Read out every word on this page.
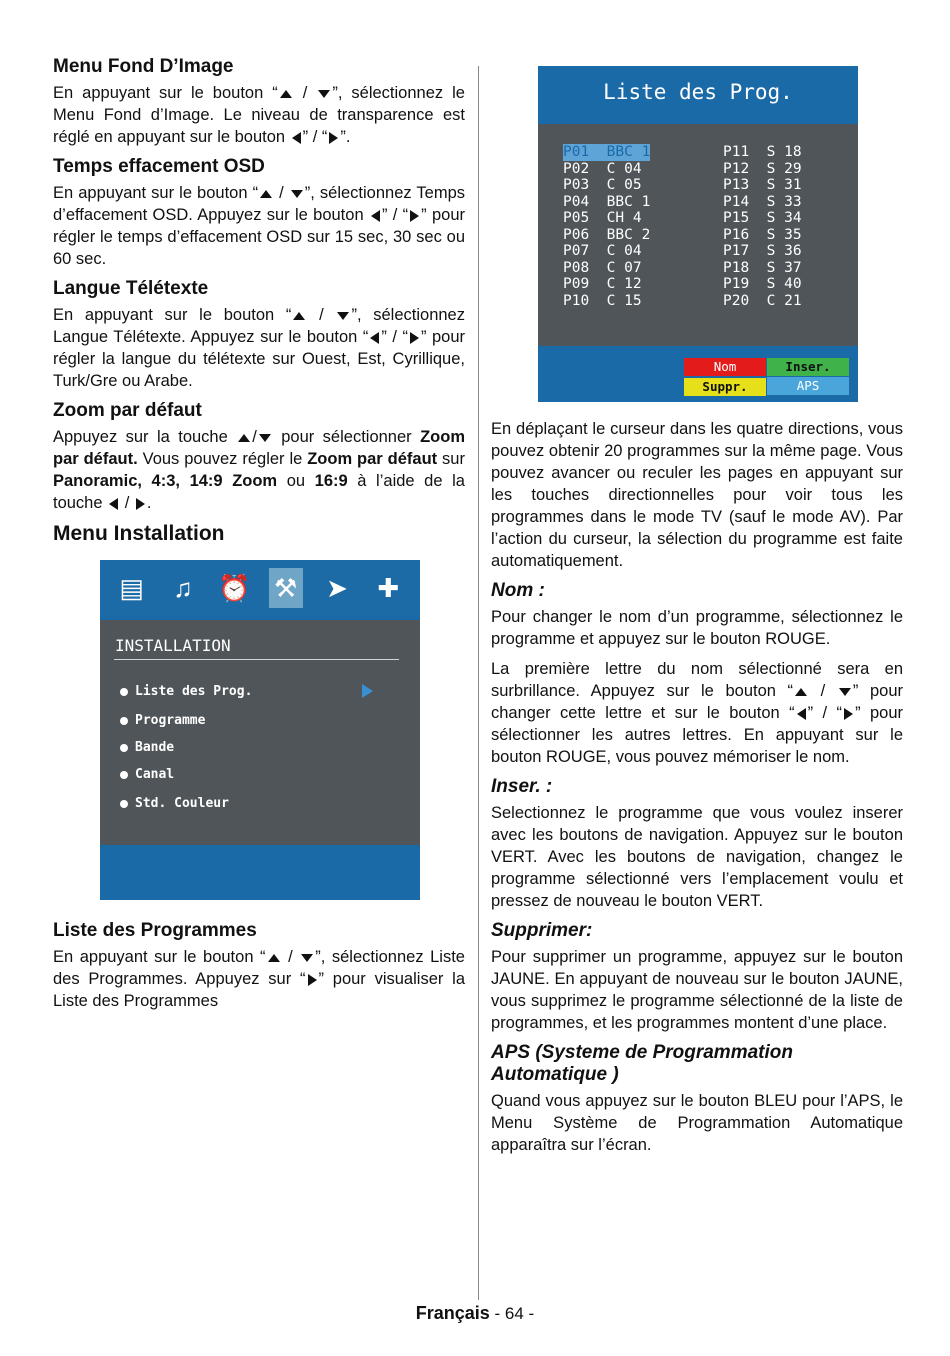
Menu Fond D’Image

En appuyant sur le bouton “ / ”, sélectionnez le Menu Fond d’Image. Le niveau de transparence est réglé en appuyant sur le bouton ” / “ ”.

Temps effacement OSD

En appuyant sur le bouton “ / ”, sélectionnez Temps d’effacement OSD. Appuyez sur le bouton ” / “ ” pour régler le temps d’effacement OSD sur 15 sec, 30 sec ou 60 sec.

Langue Télétexte

En appuyant sur le bouton “ / ”, sélectionnez Langue Télétexte. Appuyez sur le bouton “ ” / “ ” pour régler la langue du télétexte sur Ouest, Est, Cyrillique, Turk/Gre ou Arabe.

Zoom par défaut

Appuyez sur la touche / pour sélectionner Zoom par défaut. Vous pouvez régler le Zoom par défaut sur Panoramic, 4:3, 14:9 Zoom ou 16:9 à l’aide de la touche  / .

Menu Installation
▤ ♫ ⏰ ⚒ ➤ ✚
INSTALLATION
Liste des Prog.
Programme
Bande
Canal
Std. Couleur
Liste des Programmes

En appuyant sur le bouton “ / ”, sélectionnez Liste des Programmes. Appuyez sur “ ” pour visualiser la Liste des Programmes

Liste des Prog.
P01  BBC 1
P02  C 04
P03  C 05
P04  BBC 1
P05  CH 4
P06  BBC 2
P07  C 04
P08  C 07
P09  C 12
P10  C 15
P11  S 18
P12  S 29
P13  S 31
P14  S 33
P15  S 34
P16  S 35
P17  S 36
P18  S 37
P19  S 40
P20  C 21
Nom	Inser.
Suppr.	APS

En déplaçant le curseur dans les quatre directions, vous pouvez obtenir 20 programmes sur la même page. Vous pouvez avancer ou reculer les pages en appuyant sur les touches directionnelles pour voir tous les programmes dans le mode TV (sauf le mode AV). Par l’action du curseur, la sélection du programme est faite automatiquement.

Nom :

Pour changer le nom d’un programme, sélectionnez le programme et appuyez sur le bouton ROUGE.

La première lettre du nom sélectionné sera en surbrillance. Appuyez sur le bouton “ / ” pour changer cette lettre et sur le bouton “ ” / “ ” pour sélectionner les autres lettres. En appuyant sur le bouton ROUGE, vous pouvez mémoriser le nom.

Inser. :

Selectionnez le programme que vous voulez inserer avec les boutons de navigation. Appuyez sur le bouton VERT. Avec les boutons de navigation, changez le programme sélectionné vers l’emplacement voulu et pressez de nouveau le bouton VERT.

Supprimer:

Pour supprimer un programme, appuyez sur le bouton JAUNE. En appuyant de nouveau sur le bouton JAUNE, vous supprimez le programme sélectionné de la liste de programmes, et les programmes montent d’une place.

APS (Systeme de Programmation Automatique )

Quand vous appuyez sur le bouton BLEU pour l’APS, le Menu Système de Programmation Automatique apparaîtra sur l’écran.

Français - 64 -
